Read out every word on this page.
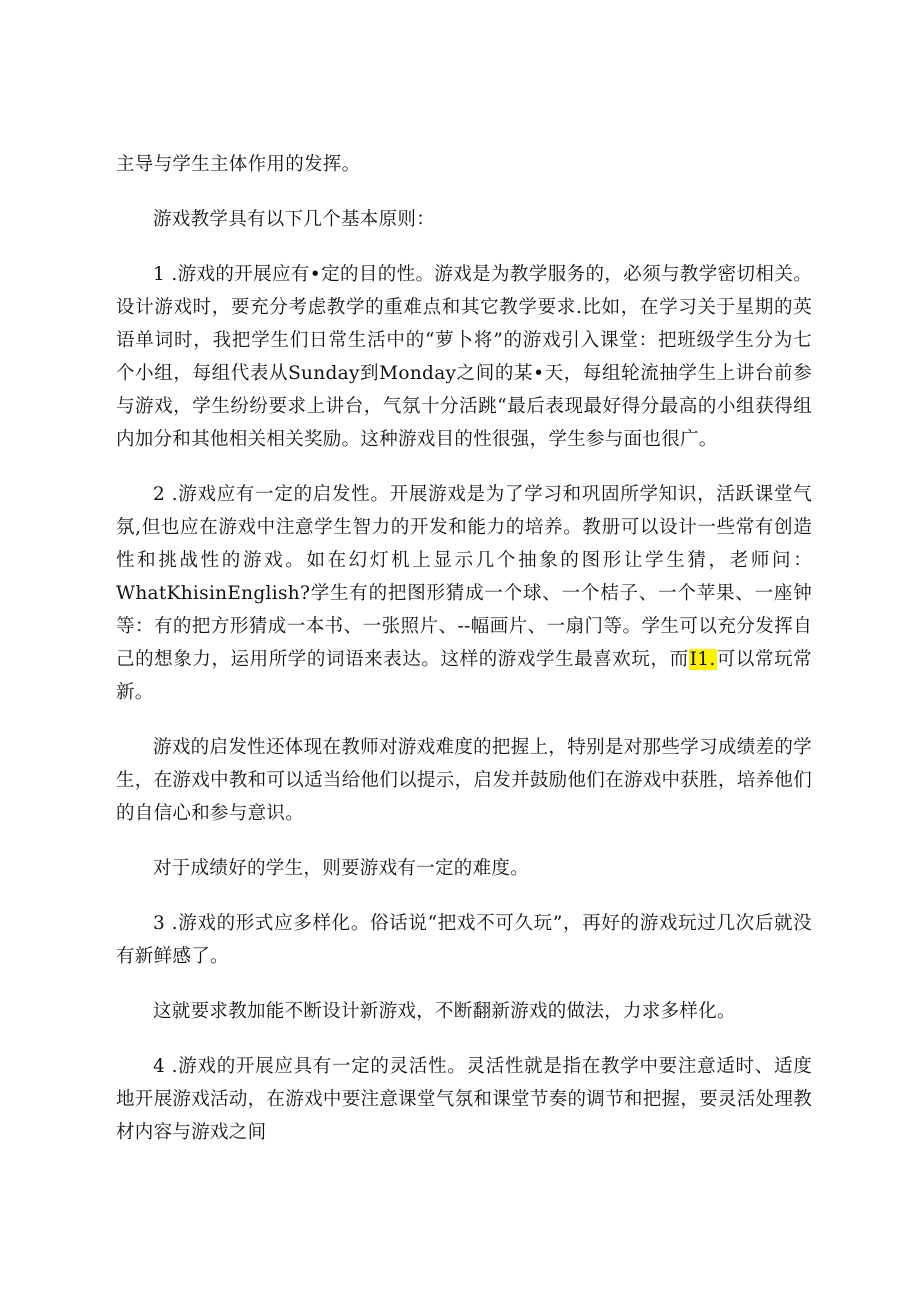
主导与学生主体作用的发挥。

游戏教学具有以下几个基本原则：

1 .游戏的开展应有•定的目的性。游戏是为教学服务的，必须与教学密切相关。设计游戏时，要充分考虑教学的重难点和其它教学要求.比如，在学习关于星期的英语单词时，我把学生们日常生活中的“萝卜将”的游戏引入课堂：把班级学生分为七个小组，每组代表从Sunday到Monday之间的某•天，每组轮流抽学生上讲台前参与游戏，学生纷纷要求上讲台，气氛十分活跳“最后表现最好得分最高的小组获得组内加分和其他相关相关奖励。这种游戏目的性很强，学生参与面也很广。

2 .游戏应有一定的启发性。开展游戏是为了学习和巩固所学知识，活跃课堂气氛,但也应在游戏中注意学生智力的开发和能力的培养。教册可以设计一些常有创造性和挑战性的游戏。如在幻灯机上显示几个抽象的图形让学生猜，老师问：WhatKhisinEnglish?学生有的把图形猜成一个球、一个桔子、一个苹果、一座钟等：有的把方形猜成一本书、一张照片、--幅画片、一扇门等。学生可以充分发挥自己的想象力，运用所学的词语来表达。这样的游戏学生最喜欢玩，而I1.可以常玩常新。

游戏的启发性还体现在教师对游戏难度的把握上，特别是对那些学习成绩差的学生，在游戏中教和可以适当给他们以提示，启发并鼓励他们在游戏中获胜，培养他们的自信心和参与意识。

对于成绩好的学生，则要游戏有一定的难度。

3 .游戏的形式应多样化。俗话说“把戏不可久玩”，再好的游戏玩过几次后就没有新鲜感了。

这就要求教加能不断设计新游戏，不断翻新游戏的做法，力求多样化。

4 .游戏的开展应具有一定的灵活性。灵活性就是指在教学中要注意适时、适度地开展游戏活动，在游戏中要注意课堂气氛和课堂节奏的调节和把握，要灵活处理教材内容与游戏之间
